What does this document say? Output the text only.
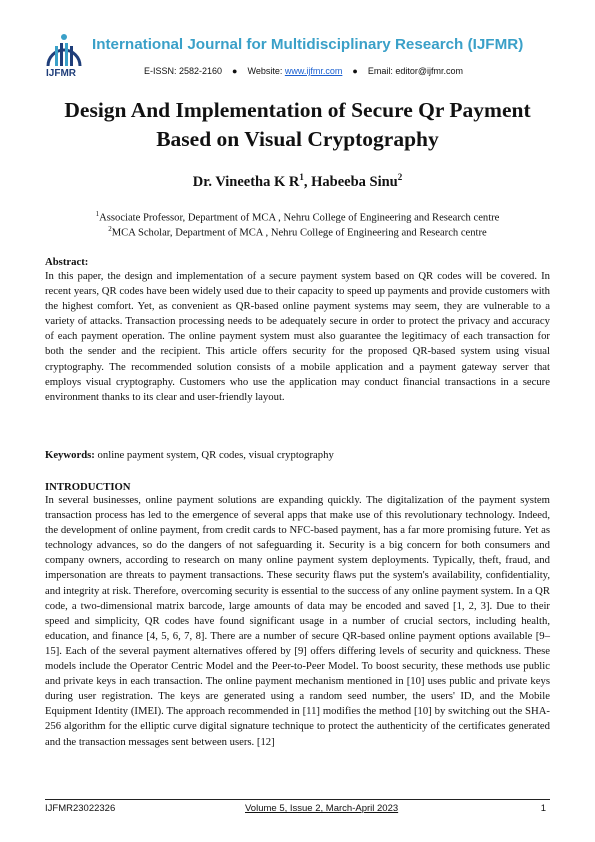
IJFMR
International Journal for Multidisciplinary Research (IJFMR)
E-ISSN: 2582-2160 ● Website: www.ijfmr.com ● Email: editor@ijfmr.com
Design And Implementation of Secure Qr Payment
Based on Visual Cryptography
Dr. Vineetha K $R^1$, Habeeba Sinu$^2$
$^1$Associate Professor, Department of MCA , Nehru College of Engineering and Research centre
$^2$MCA Scholar, Department of MCA , Nehru College of Engineering and Research centre
Abstract:
In this paper, the design and implementation of a secure payment system based on QR codes will be covered. In recent years, QR codes have been widely used due to their capacity to speed up payments and provide customers with the highest comfort. Yet, as convenient as QR-based online payment systems may seem, they are vulnerable to a variety of attacks. Transaction processing needs to be adequately secure in order to protect the privacy and accuracy of each payment operation. The online payment system must also guarantee the legitimacy of each transaction for both the sender and the recipient. This article offers security for the proposed QR-based system using visual cryptography. The recommended solution consists of a mobile application and a payment gateway server that employs visual cryptography. Customers who use the application may conduct financial transactions in a secure environment thanks to its clear and user-friendly layout.
Keywords: online payment system, QR codes, visual cryptography
INTRODUCTION
In several businesses, online payment solutions are expanding quickly. The digitalization of the payment system transaction process has led to the emergence of several apps that make use of this revolutionary technology. Indeed, the development of online payment, from credit cards to NFC-based payment, has a far more promising future. Yet as technology advances, so do the dangers of not safeguarding it. Security is a big concern for both consumers and company owners, according to research on many online payment system deployments. Typically, theft, fraud, and impersonation are threats to payment transactions. These security flaws put the system's availability, confidentiality, and integrity at risk. Therefore, overcoming security is essential to the success of any online payment system. In a QR code, a two-dimensional matrix barcode, large amounts of data may be encoded and saved [1, 2, 3]. Due to their speed and simplicity, QR codes have found significant usage in a number of crucial sectors, including health, education, and finance [4, 5, 6, 7, 8]. There are a number of secure QR-based online payment options available [9–15]. Each of the several payment alternatives offered by [9] offers differing levels of security and quickness. These models include the Operator Centric Model and the Peer-to-Peer Model. To boost security, these methods use public and private keys in each transaction. The online payment mechanism mentioned in [10] uses public and private keys during user registration. The keys are generated using a random seed number, the users' ID, and the Mobile Equipment Identity (IMEI). The approach recommended in [11] modifies the method [10] by switching out the SHA-256 algorithm for the elliptic curve digital signature technique to protect the authenticity of the certificates generated and the transaction messages sent between users. [12]
IJFMR23022326	Volume 5, Issue 2, March-April 2023	1
